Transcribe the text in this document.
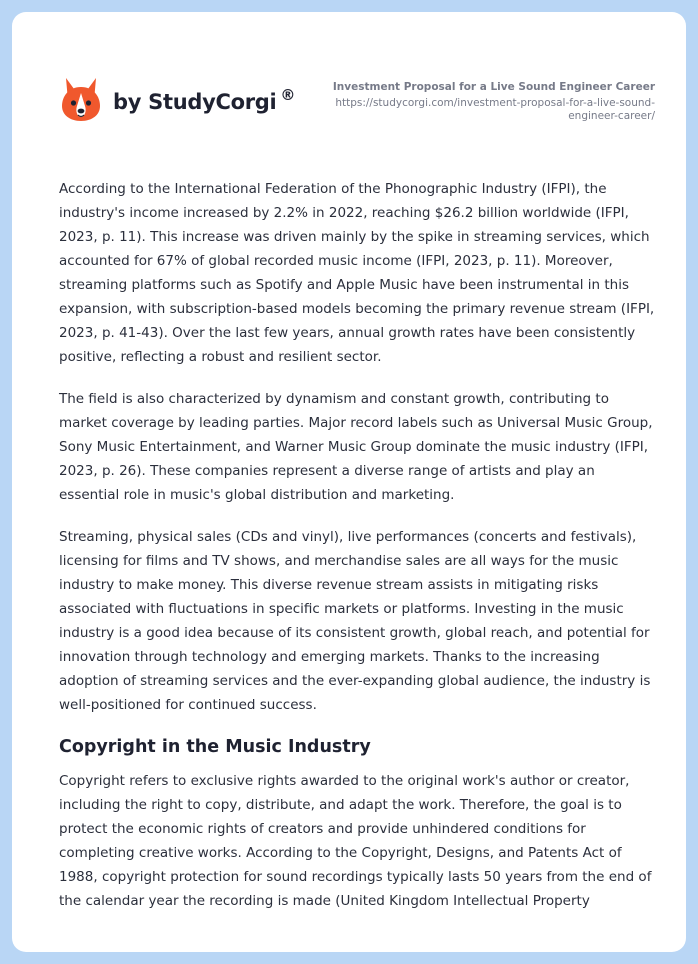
by StudyCorgi ®	Investment Proposal for a Live Sound Engineer Career
https://studycorgi.com/investment-proposal-for-a-live-sound-engineer-career/

According to the International Federation of the Phonographic Industry (IFPI), the industry's income increased by 2.2% in 2022, reaching $26.2 billion worldwide (IFPI, 2023, p. 11). This increase was driven mainly by the spike in streaming services, which accounted for 67% of global recorded music income (IFPI, 2023, p. 11). Moreover, streaming platforms such as Spotify and Apple Music have been instrumental in this expansion, with subscription-based models becoming the primary revenue stream (IFPI, 2023, p. 41-43). Over the last few years, annual growth rates have been consistently positive, reflecting a robust and resilient sector.

The field is also characterized by dynamism and constant growth, contributing to market coverage by leading parties. Major record labels such as Universal Music Group, Sony Music Entertainment, and Warner Music Group dominate the music industry (IFPI, 2023, p. 26). These companies represent a diverse range of artists and play an essential role in music's global distribution and marketing.

Streaming, physical sales (CDs and vinyl), live performances (concerts and festivals), licensing for films and TV shows, and merchandise sales are all ways for the music industry to make money. This diverse revenue stream assists in mitigating risks associated with fluctuations in specific markets or platforms. Investing in the music industry is a good idea because of its consistent growth, global reach, and potential for innovation through technology and emerging markets. Thanks to the increasing adoption of streaming services and the ever-expanding global audience, the industry is well-positioned for continued success.

Copyright in the Music Industry

Copyright refers to exclusive rights awarded to the original work's author or creator, including the right to copy, distribute, and adapt the work. Therefore, the goal is to protect the economic rights of creators and provide unhindered conditions for completing creative works. According to the Copyright, Designs, and Patents Act of 1988, copyright protection for sound recordings typically lasts 50 years from the end of the calendar year the recording is made (United Kingdom Intellectual Property
